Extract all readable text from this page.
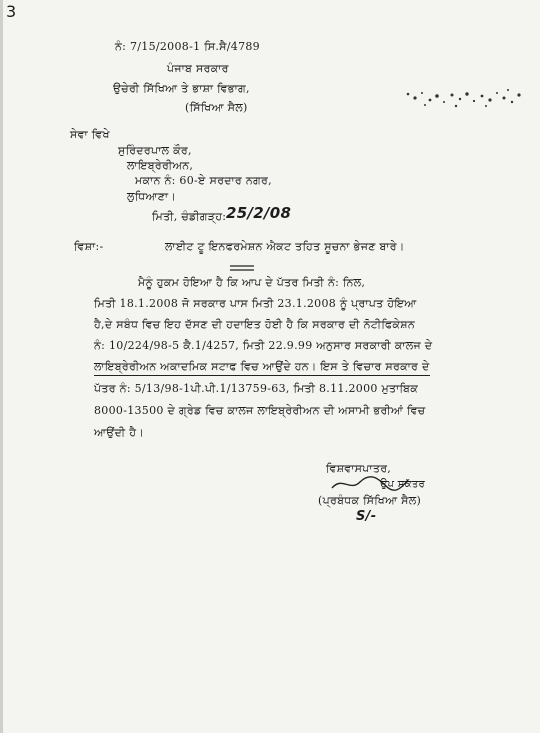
3
ਨੰ: 7/15/2008-1 ਸਿ.ਸੈ/4789
ਪੰਜਾਬ ਸਰਕਾਰ
ਉਚੇਰੀ ਸਿੱਖਿਆ ਤੇ ਭਾਸ਼ਾ ਵਿਭਾਗ,
(ਸਿੱਖਿਆ ਸੈਲ)
ਸੇਵਾ ਵਿਖੇ
ਸੁਰਿੰਦਰਪਾਲ ਕੌਰ,
ਲਾਇਬ੍ਰੇਰੀਅਨ,
ਮਕਾਨ ਨੰ: 60-ਏ ਸਰਦਾਰ ਨਗਰ,
ਲੁਧਿਆਣਾ।
ਮਿਤੀ, ਚੰਡੀਗੜ੍ਹ: 25/2/08
ਵਿਸ਼ਾ:-	ਲਾਈਟ ਟੂ ਇਨਫਰਮੇਸ਼ਨ ਐਕਟ ਤਹਿਤ ਸੂਚਨਾ ਭੇਜਣ ਬਾਰੇ।
ਮੈਨੂੰ ਹੁਕਮ ਹੋਇਆ ਹੈ ਕਿ ਆਪ ਦੇ ਪੱਤਰ ਮਿਤੀ ਨੰ: ਨਿਲ,
ਮਿਤੀ 18.1.2008 ਜੋ ਸਰਕਾਰ ਪਾਸ ਮਿਤੀ 23.1.2008 ਨੂੰ ਪ੍ਰਾਪਤ ਹੋਇਆ
ਹੈ,ਦੇ ਸਬੰਧ ਵਿਚ ਇਹ ਦੱਸਣ ਦੀ ਹਦਾਇਤ ਹੋਈ ਹੈ ਕਿ ਸਰਕਾਰ ਦੀ ਨੋਟੀਫਿਕੇਸ਼ਨ
ਨੰ: 10/224/98-5 ਕੈ.1/4257, ਮਿਤੀ 22.9.99 ਅਨੁਸਾਰ ਸਰਕਾਰੀ ਕਾਲਜ ਦੇ
ਲਾਇਬ੍ਰੇਰੀਅਨ ਅਕਾਦਮਿਕ ਸਟਾਫ ਵਿਚ ਆਉਂਦੇ ਹਨ। ਇਸ ਤੇ ਵਿਚਾਰ ਸਰਕਾਰ ਦੇ
ਪੱਤਰ ਨੰ: 5/13/98-1ਪੀ.ਪੀ.1/13759-63, ਮਿਤੀ 8.11.2000 ਮੁਤਾਬਿਕ
8000-13500 ਦੇ ਗ੍ਰੇਡ ਵਿਚ ਕਾਲਜ ਲਾਇਬ੍ਰੇਰੀਅਨ ਦੀ ਅਸਾਮੀ ਭਰੀਆਂ ਵਿਚ
ਆਉਂਦੀ ਹੈ।
ਵਿਸ਼ਵਾਸਪਾਤਰ,
ਉਪ ਸਕੱਤਰ
(ਪ੍ਰਬੰਧਕ ਸਿੱਖਿਆ ਸੈਲ)
S/-
